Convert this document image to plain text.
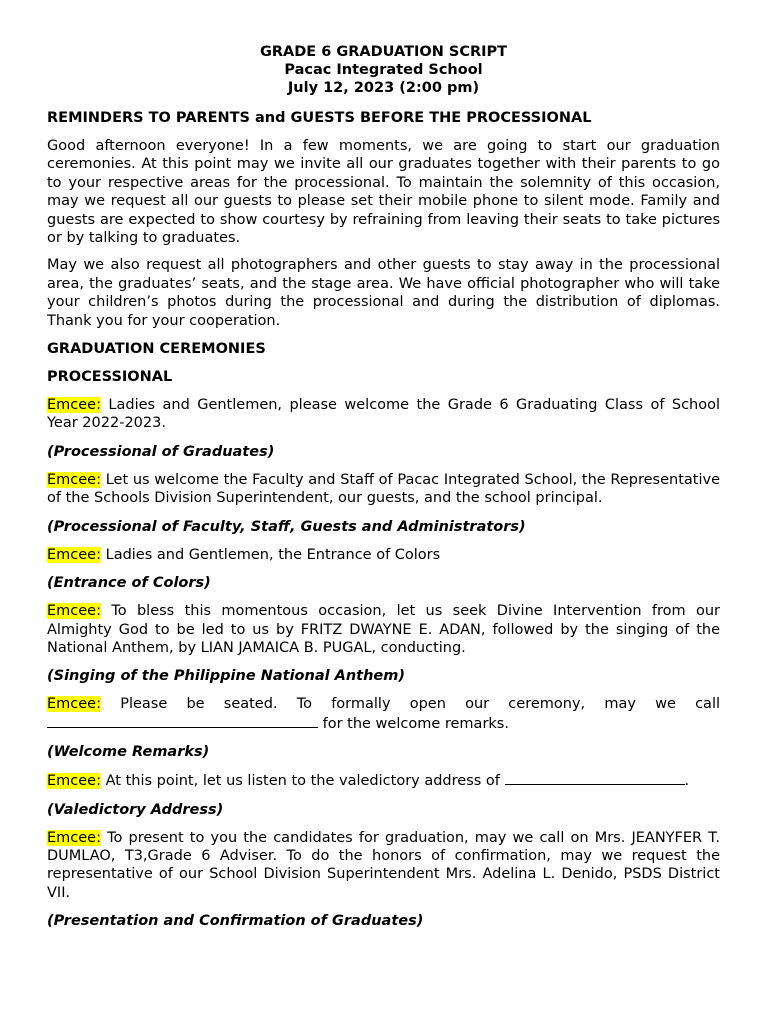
GRADE 6 GRADUATION SCRIPT
Pacac Integrated School
July 12, 2023 (2:00 pm)
REMINDERS TO PARENTS and GUESTS BEFORE THE PROCESSIONAL

Good afternoon everyone! In a few moments, we are going to start our graduation ceremonies. At this point may we invite all our graduates together with their parents to go to your respective areas for the processional. To maintain the solemnity of this occasion, may we request all our guests to please set their mobile phone to silent mode. Family and guests are expected to show courtesy by refraining from leaving their seats to take pictures or by talking to graduates.

May we also request all photographers and other guests to stay away in the processional area, the graduates’ seats, and the stage area. We have official photographer who will take your children’s photos during the processional and during the distribution of diplomas. Thank you for your cooperation.

GRADUATION CEREMONIES
PROCESSIONAL

Emcee: Ladies and Gentlemen, please welcome the Grade 6 Graduating Class of School Year 2022-2023.

(Processional of Graduates)

Emcee: Let us welcome the Faculty and Staff of Pacac Integrated School, the Representative of the Schools Division Superintendent, our guests, and the school principal.

(Processional of Faculty, Staff, Guests and Administrators)

Emcee: Ladies and Gentlemen, the Entrance of Colors

(Entrance of Colors)

Emcee: To bless this momentous occasion, let us seek Divine Intervention from our Almighty God to be led to us by FRITZ DWAYNE E. ADAN, followed by the singing of the National Anthem, by LIAN JAMAICA B. PUGAL, conducting.

(Singing of the Philippine National Anthem)

Emcee: Please be seated. To formally open our ceremony, may we call  for the welcome remarks.

(Welcome Remarks)

Emcee: At this point, let us listen to the valedictory address of	.

(Valedictory Address)

Emcee: To present to you the candidates for graduation, may we call on Mrs. JEANYFER T. DUMLAO, T3,Grade 6 Adviser. To do the honors of confirmation, may we request the representative of our School Division Superintendent Mrs. Adelina L. Denido, PSDS District VII.

(Presentation and Confirmation of Graduates)
